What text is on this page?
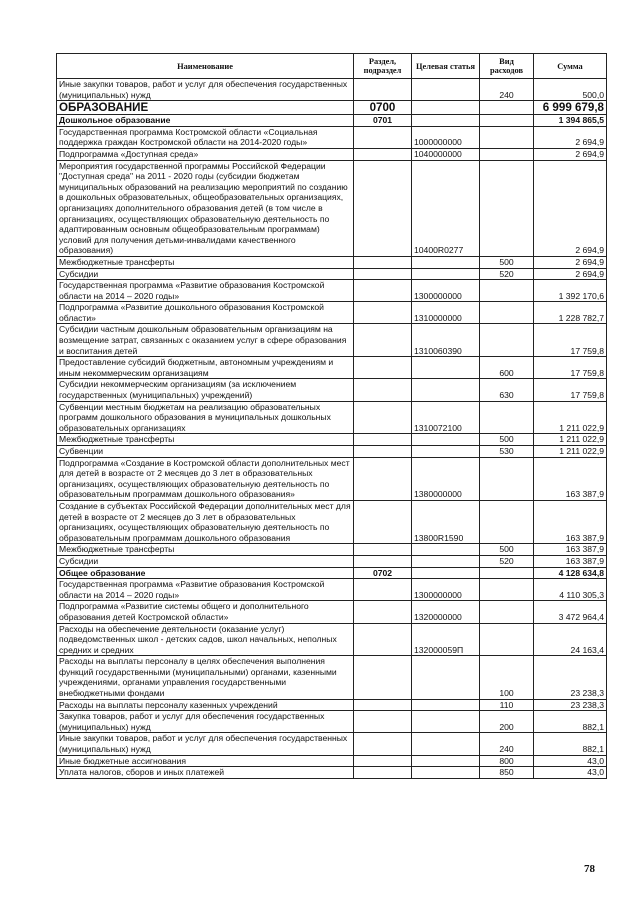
Наименование	Раздел, подраздел	Целевая статья	Вид расходов	Сумма
Иные закупки товаров, работ и услуг для обеспечения государственных (муниципальных) нужд			240	500,0
ОБРАЗОВАНИЕ	0700			6 999 679,8
Дошкольное образование	0701			1 394 865,5
Государственная программа Костромской области «Социальная поддержка граждан Костромской области на 2014-2020 годы»		1000000000		2 694,9
Подпрограмма «Доступная среда»		1040000000		2 694,9
Мероприятия государственной программы Российской Федерации "Доступная среда" на 2011 - 2020 годы (субсидии бюджетам муниципальных образований на реализацию мероприятий по созданию в дошкольных образовательных, общеобразовательных организациях, организациях дополнительного образования детей (в том числе в организациях, осуществляющих образовательную деятельность по адаптированным основным общеобразовательным программам) условий для получения детьми-инвалидами качественного образования)		10400R0277		2 694,9
Межбюджетные трансферты			500	2 694,9
Субсидии			520	2 694,9
Государственная программа «Развитие образования Костромской области на 2014 – 2020 годы»		1300000000		1 392 170,6
Подпрограмма «Развитие дошкольного образования Костромской области»		1310000000		1 228 782,7
Субсидии частным дошкольным образовательным организациям на возмещение затрат, связанных с оказанием услуг в сфере образования и воспитания детей		1310060390		17 759,8
Предоставление субсидий бюджетным, автономным учреждениям и иным некоммерческим организациям			600	17 759,8
Субсидии некоммерческим организациям (за исключением государственных (муниципальных) учреждений)			630	17 759,8
Субвенции местным бюджетам на реализацию образовательных программ дошкольного образования в муниципальных дошкольных образовательных организациях		1310072100		1 211 022,9
Межбюджетные трансферты			500	1 211 022,9
Субвенции			530	1 211 022,9
Подпрограмма «Создание в Костромской области дополнительных мест для детей в возрасте от 2 месяцев до 3 лет в образовательных организациях, осуществляющих образовательную деятельность по образовательным программам дошкольного образования»		1380000000		163 387,9
Создание в субъектах Российской Федерации дополнительных мест для детей в возрасте от 2 месяцев до 3 лет в образовательных организациях, осуществляющих образовательную деятельность по образовательным программам дошкольного образования		13800R1590		163 387,9
Межбюджетные трансферты			500	163 387,9
Субсидии			520	163 387,9
Общее образование	0702			4 128 634,8
Государственная программа «Развитие образования Костромской области на 2014 – 2020 годы»		1300000000		4 110 305,3
Подпрограмма «Развитие системы общего и дополнительного образования детей Костромской области»		1320000000		3 472 964,4
Расходы на обеспечение деятельности (оказание услуг) подведомственных школ - детских садов, школ начальных, неполных средних и средних		132000059П		24 163,4
Расходы на выплаты персоналу в целях обеспечения выполнения функций государственными (муниципальными) органами, казенными учреждениями, органами управления государственными внебюджетными фондами			100	23 238,3
Расходы на выплаты персоналу казенных учреждений			110	23 238,3
Закупка товаров, работ и услуг для обеспечения государственных (муниципальных) нужд			200	882,1
Иные закупки товаров, работ и услуг для обеспечения государственных (муниципальных) нужд			240	882,1
Иные бюджетные ассигнования			800	43,0
Уплата налогов, сборов и иных платежей			850	43,0
78
